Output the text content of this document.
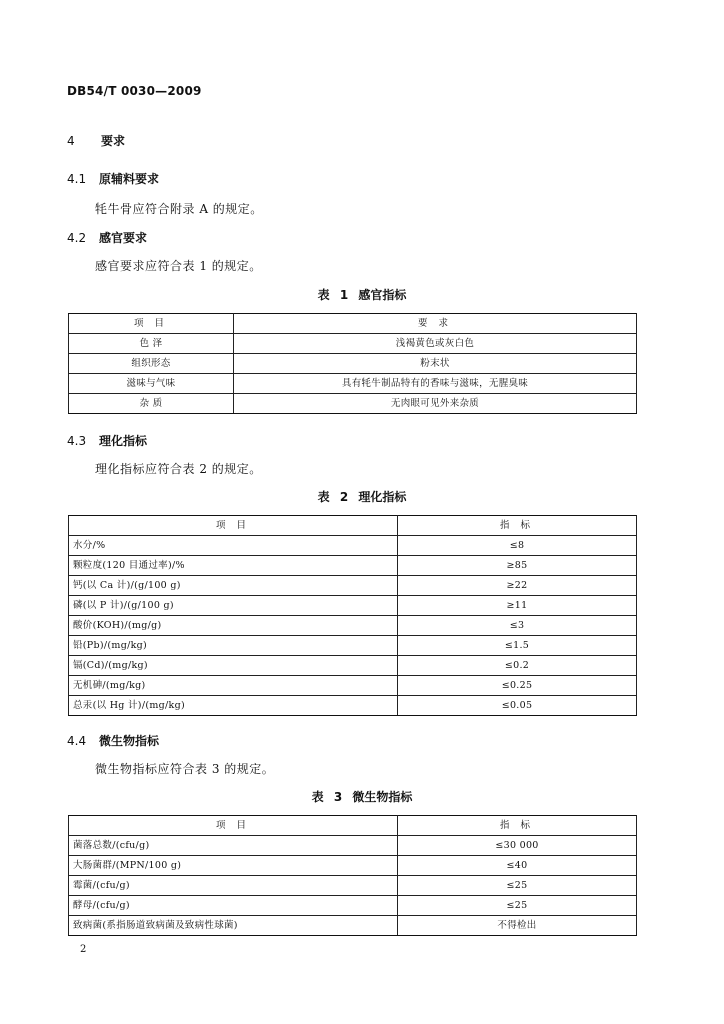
DB54/T 0030—2009
4 要求
4.1 原辅料要求
牦牛骨应符合附录 A 的规定。
4.2 感官要求
感官要求应符合表 1 的规定。
表 1 感官指标
项 目	要 求
色 泽	浅褐黄色或灰白色
组织形态	粉末状
滋味与气味	具有牦牛制品特有的香味与滋味，无腥臭味
杂 质	无肉眼可见外来杂质
4.3 理化指标
理化指标应符合表 2 的规定。
表 2 理化指标
项 目	指 标
水分/%	≤8
颗粒度(120 目通过率)/%	≥85
钙(以 Ca 计)/(g/100 g)	≥22
磷(以 P 计)/(g/100 g)	≥11
酸价(KOH)/(mg/g)	≤3
铅(Pb)/(mg/kg)	≤1.5
镉(Cd)/(mg/kg)	≤0.2
无机砷/(mg/kg)	≤0.25
总汞(以 Hg 计)/(mg/kg)	≤0.05
4.4 微生物指标
微生物指标应符合表 3 的规定。
表 3 微生物指标
项 目	指 标
菌落总数/(cfu/g)	≤30 000
大肠菌群/(MPN/100 g)	≤40
霉菌/(cfu/g)	≤25
酵母/(cfu/g)	≤25
致病菌(系指肠道致病菌及致病性球菌)	不得检出
2
